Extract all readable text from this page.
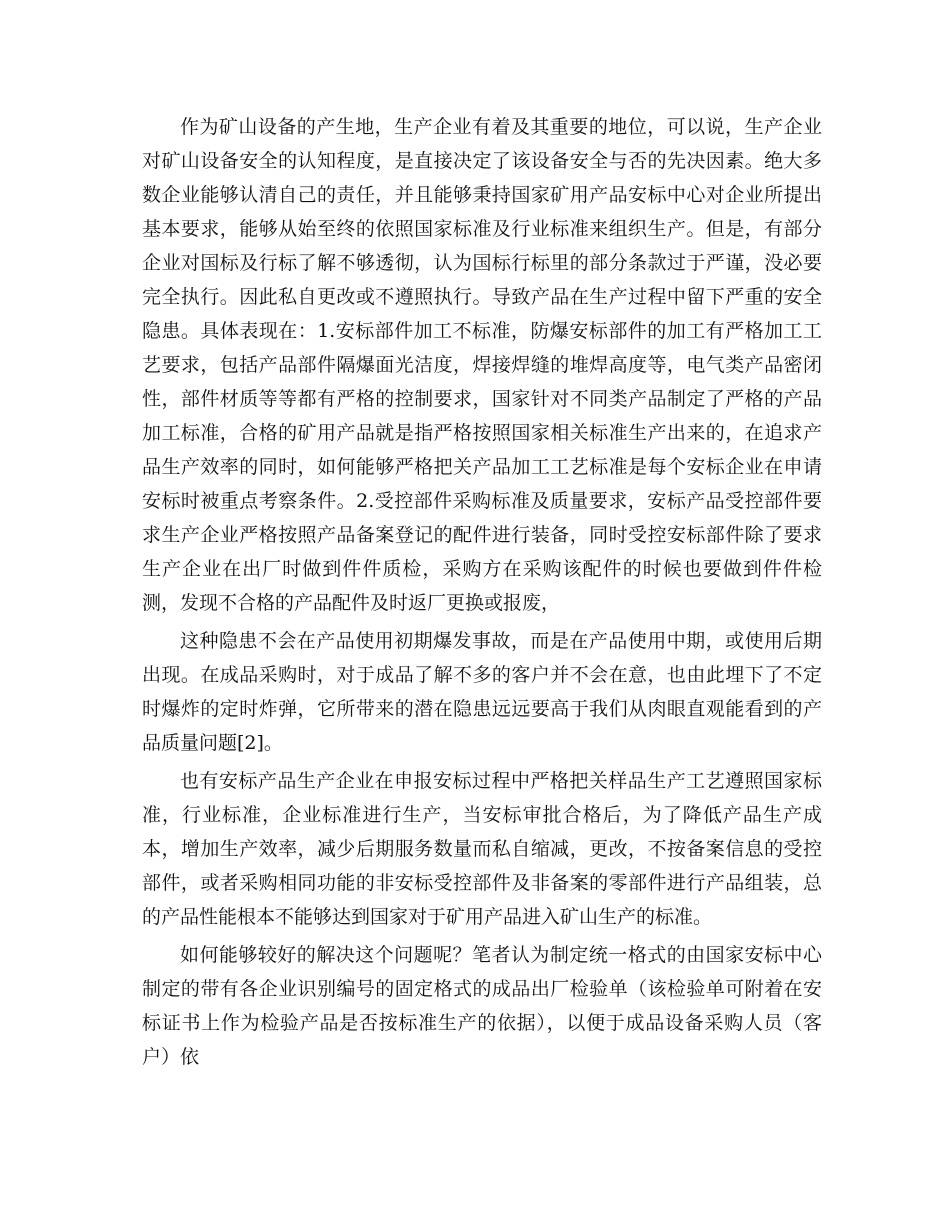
作为矿山设备的产生地，生产企业有着及其重要的地位，可以说，生产企业对矿山设备安全的认知程度，是直接决定了该设备安全与否的先决因素。绝大多数企业能够认清自己的责任，并且能够秉持国家矿用产品安标中心对企业所提出基本要求，能够从始至终的依照国家标准及行业标准来组织生产。但是，有部分企业对国标及行标了解不够透彻，认为国标行标里的部分条款过于严谨，没必要完全执行。因此私自更改或不遵照执行。导致产品在生产过程中留下严重的安全隐患。具体表现在：1.安标部件加工不标准，防爆安标部件的加工有严格加工工艺要求，包括产品部件隔爆面光洁度，焊接焊缝的堆焊高度等，电气类产品密闭性，部件材质等等都有严格的控制要求，国家针对不同类产品制定了严格的产品加工标准，合格的矿用产品就是指严格按照国家相关标准生产出来的，在追求产品生产效率的同时，如何能够严格把关产品加工工艺标准是每个安标企业在申请安标时被重点考察条件。2.受控部件采购标准及质量要求，安标产品受控部件要求生产企业严格按照产品备案登记的配件进行装备，同时受控安标部件除了要求生产企业在出厂时做到件件质检，采购方在采购该配件的时候也要做到件件检测，发现不合格的产品配件及时返厂更换或报废，

这种隐患不会在产品使用初期爆发事故，而是在产品使用中期，或使用后期出现。在成品采购时，对于成品了解不多的客户并不会在意，也由此埋下了不定时爆炸的定时炸弹，它所带来的潜在隐患远远要高于我们从肉眼直观能看到的产品质量问题[2]。

也有安标产品生产企业在申报安标过程中严格把关样品生产工艺遵照国家标准，行业标准，企业标准进行生产，当安标审批合格后，为了降低产品生产成本，增加生产效率，减少后期服务数量而私自缩减，更改，不按备案信息的受控部件，或者采购相同功能的非安标受控部件及非备案的零部件进行产品组装，总的产品性能根本不能够达到国家对于矿用产品进入矿山生产的标准。

如何能够较好的解决这个问题呢？笔者认为制定统一格式的由国家安标中心制定的带有各企业识别编号的固定格式的成品出厂检验单（该检验单可附着在安标证书上作为检验产品是否按标准生产的依据），以便于成品设备采购人员（客户）依
